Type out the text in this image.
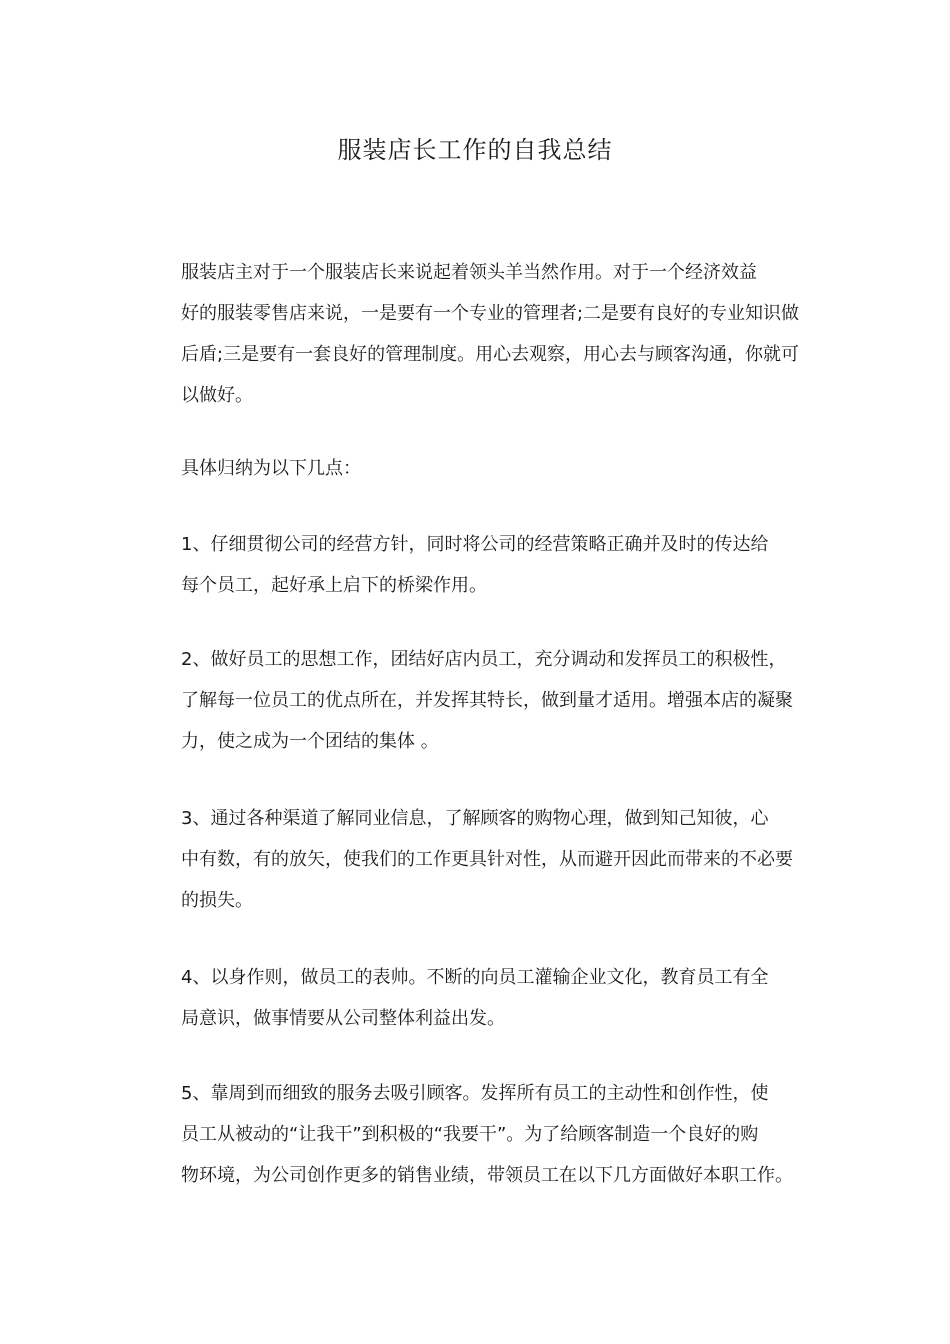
服装店长工作的自我总结

服装店主对于一个服装店长来说起着领头羊当然作用。对于一个经济效益
好的服装零售店来说，一是要有一个专业的管理者;二是要有良好的专业知识做
后盾;三是要有一套良好的管理制度。用心去观察，用心去与顾客沟通，你就可
以做好。

具体归纳为以下几点：

1、仔细贯彻公司的经营方针，同时将公司的经营策略正确并及时的传达给
每个员工，起好承上启下的桥梁作用。

2、做好员工的思想工作，团结好店内员工，充分调动和发挥员工的积极性，
了解每一位员工的优点所在，并发挥其特长，做到量才适用。增强本店的凝聚
力，使之成为一个团结的集体 。

3、通过各种渠道了解同业信息，了解顾客的购物心理，做到知己知彼，心
中有数，有的放矢，使我们的工作更具针对性，从而避开因此而带来的不必要
的损失。

4、以身作则，做员工的表帅。不断的向员工灌输企业文化，教育员工有全
局意识，做事情要从公司整体利益出发。

5、靠周到而细致的服务去吸引顾客。发挥所有员工的主动性和创作性，使
员工从被动的“让我干”到积极的“我要干”。为了给顾客制造一个良好的购
物环境，为公司创作更多的销售业绩，带领员工在以下几方面做好本职工作。
